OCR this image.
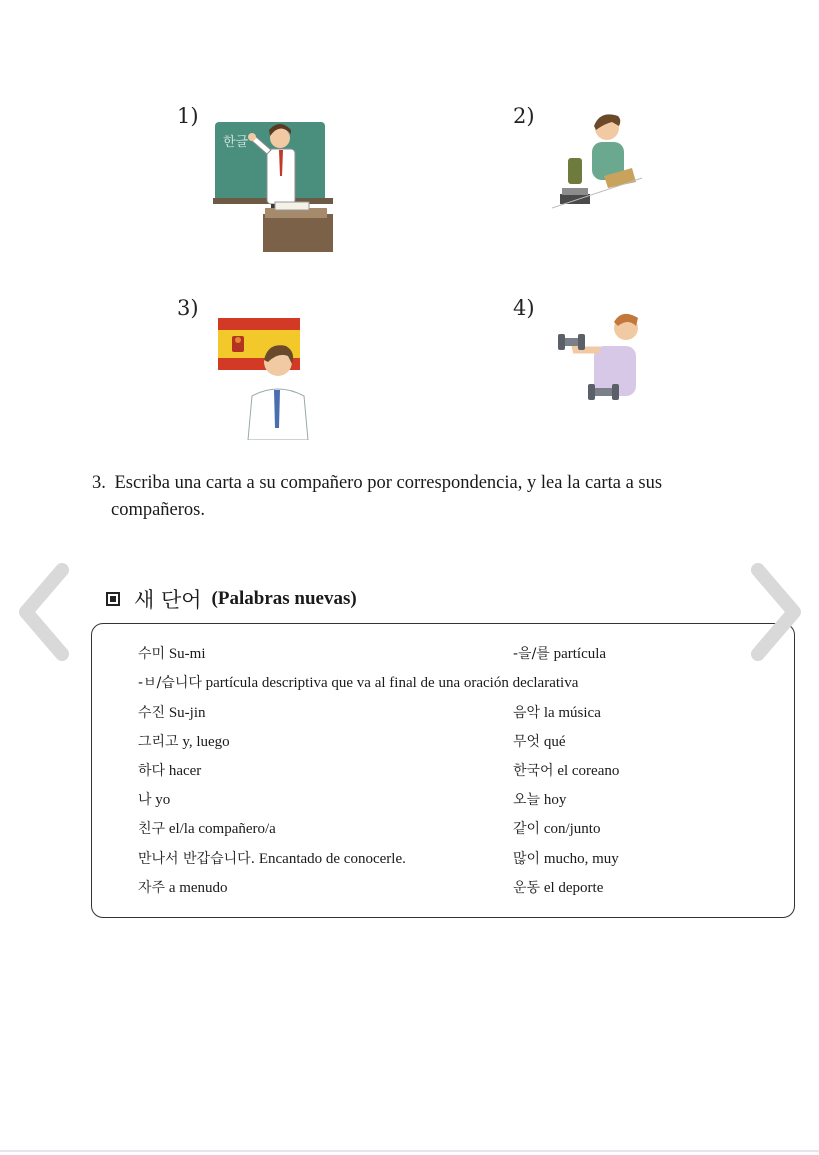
1)	2)
3)	4)
한글
3. Escriba una carta a su compañero por correspondencia, y lea la carta a sus
compañeros.
새 단어 (Palabras nuevas)
수미 Su-mi
-ㅂ/습니다 partícula descriptiva que va al final de una oración declarativa
수진 Su-jin
그리고 y, luego
하다 hacer
나 yo
친구 el/la compañero/a
만나서 반갑습니다. Encantado de conocerle.
자주 a menudo
-을/를 partícula
음악 la música
무엇 qué
한국어 el coreano
오늘 hoy
같이 con/junto
많이 mucho, muy
운동 el deporte
